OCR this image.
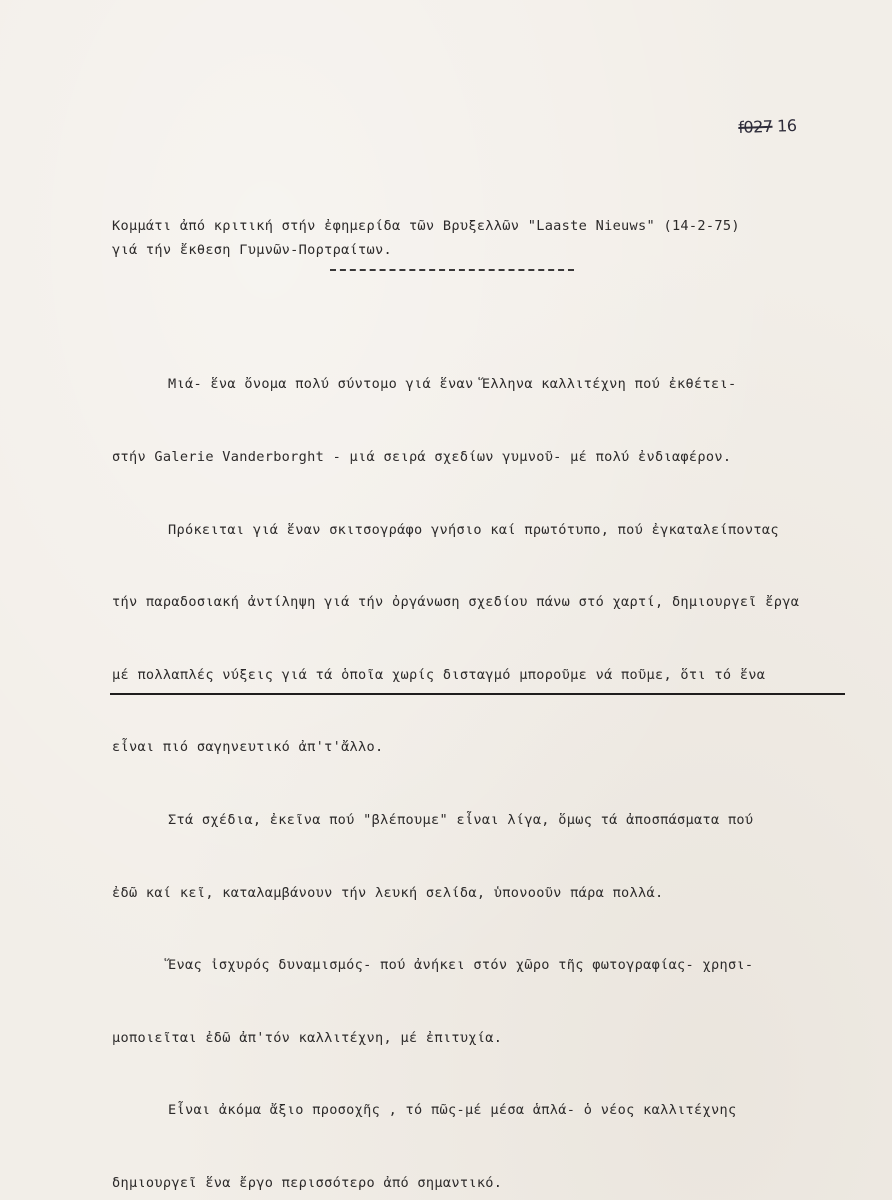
f027 16
Κομμάτι ἀπό κριτική στήν ἐφημερίδα τῶν Βρυξελλῶν "Laaste Nieuws" (14-2-75)
γιά τήν ἔκθεση Γυμνῶν-Πορτραίτων.

Μιά- ἕνα ὄνομα πολύ σύντομο γιά ἕναν Ἕλληνα καλλιτέχνη πού ἐκθέτει-

στήν Galerie Vanderborght - μιά σειρά σχεδίων γυμνοῦ- μέ πολύ ἐνδιαφέρον.

Πρόκειται γιά ἕναν σκιτσογράφο γνήσιο καί πρωτότυπο, πού ἐγκαταλείποντας

τήν παραδοσιακή ἀντίληψη γιά τήν ὀργάνωση σχεδίου πάνω στό χαρτί, δημιουργεῖ ἔργα

μέ πολλαπλές νύξεις γιά τά ὁποῖα χωρίς δισταγμό μποροῦμε νά ποῦμε, ὅτι τό ἕνα

εἶναι πιό σαγηνευτικό ἀπ'τ'ἄλλο.

Στά σχέδια, ἐκεῖνα πού "βλέπουμε" εἶναι λίγα, ὅμως τά ἀποσπάσματα πού

ἐδῶ καί κεῖ, καταλαμβάνουν τήν λευκή σελίδα, ὑπονοοῦν πάρα πολλά.

Ἕνας ἰσχυρός δυναμισμός- πού ἀνήκει στόν χῶρο τῆς φωτογραφίας- χρησι-

μοποιεῖται ἐδῶ ἀπ'τόν καλλιτέχνη, μέ ἐπιτυχία.

Εἶναι ἀκόμα ἄξιο προσοχῆς , τό πῶς-μέ μέσα ἁπλά- ὁ νέος καλλιτέχνης

δημιουργεῖ ἕνα ἔργο περισσότερο ἀπό σημαντικό.
